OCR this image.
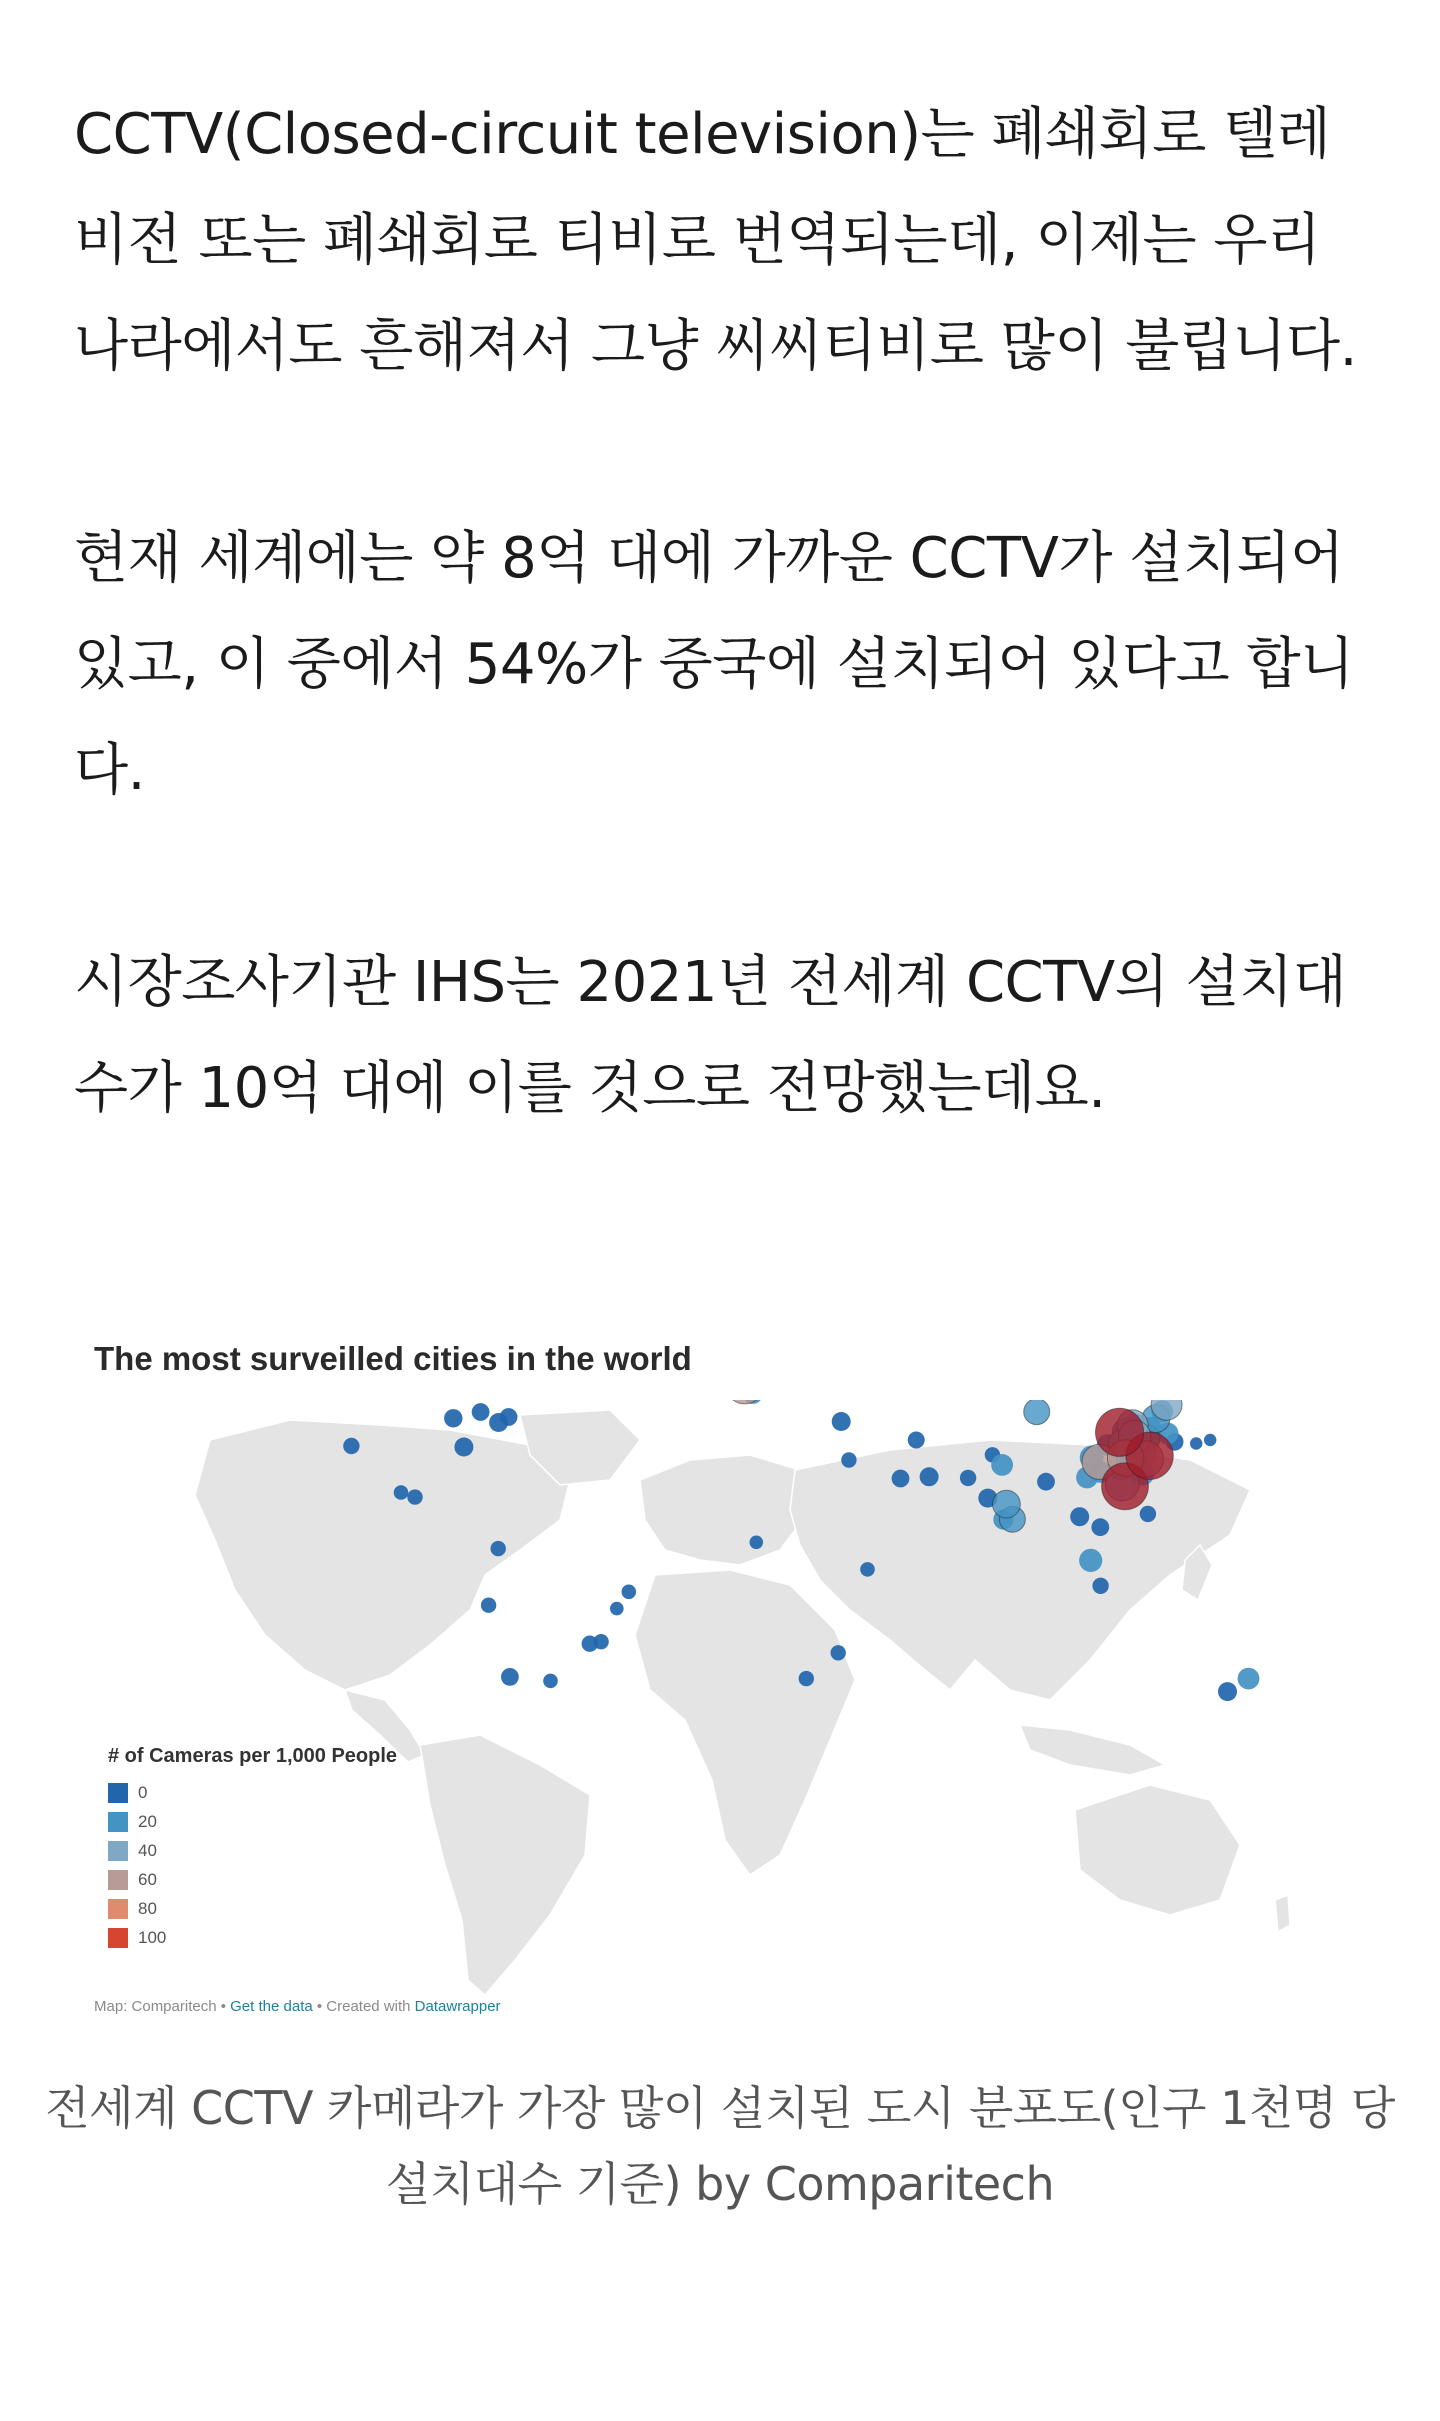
CCTV(Closed-circuit television)는 폐쇄회로 텔레비전 또는 폐쇄회로 티비로 번역되는데, 이제는 우리나라에서도 흔해져서 그냥 씨씨티비로 많이 불립니다.

현재 세계에는 약 8억 대에 가까운 CCTV가 설치되어 있고, 이 중에서 54%가 중국에 설치되어 있다고 합니다.

시장조사기관 IHS는 2021년 전세계 CCTV의 설치대수가 10억 대에 이를 것으로 전망했는데요.

The most surveilled cities in the world
# of Cameras per 1,000 People
0
20
40
60
80
100
Map: Comparitech • Get the data • Created with Datawrapper
전세계 CCTV 카메라가 가장 많이 설치된 도시 분포도(인구 1천명 당 설치대수 기준) by Comparitech
